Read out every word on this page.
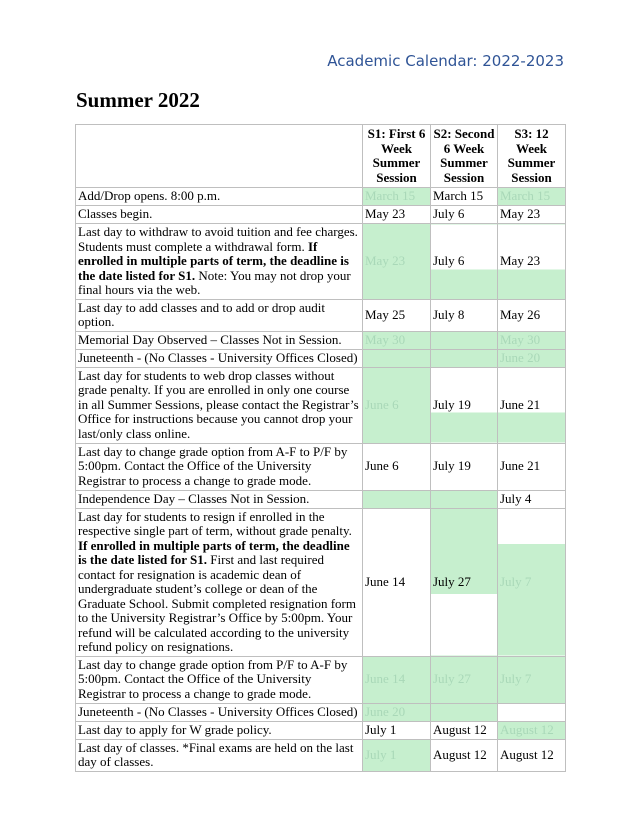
Academic Calendar: 2022-2023
Summer 2022
	S1: First 6 Week Summer Session	S2: Second 6 Week Summer Session	S3: 12 Week Summer Session
Add/Drop opens. 8:00 p.m.	March 15	March 15	March 15
Classes begin.	May 23	July 6	May 23
Last day to withdraw to avoid tuition and fee charges. Students must complete a withdrawal form. If enrolled in multiple parts of term, the deadline is the date listed for S1. Note: You may not drop your final hours via the web.	May 23	July 6	May 23
Last day to add classes and to add or drop audit option.	May 25	July 8	May 26
Memorial Day Observed – Classes Not in Session.	May 30		May 30
Juneteenth - (No Classes - University Offices Closed)			June 20
Last day for students to web drop classes without grade penalty. If you are enrolled in only one course in all Summer Sessions, please contact the Registrar’s Office for instructions because you cannot drop your last/only class online.	June 6	July 19	June 21
Last day to change grade option from A-F to P/F by 5:00pm. Contact the Office of the University Registrar to process a change to grade mode.	June 6	July 19	June 21
Independence Day – Classes Not in Session.			July 4
Last day for students to resign if enrolled in the respective single part of term, without grade penalty. If enrolled in multiple parts of term, the deadline is the date listed for S1. First and last required contact for resignation is academic dean of undergraduate student’s college or dean of the Graduate School. Submit completed resignation form to the University Registrar’s Office by 5:00pm. Your refund will be calculated according to the university refund policy on resignations.	June 14	July 27	July 7
Last day to change grade option from P/F to A-F by 5:00pm. Contact the Office of the University Registrar to process a change to grade mode.	June 14	July 27	July 7
Juneteenth - (No Classes - University Offices Closed)	June 20		
Last day to apply for W grade policy.	July 1	August 12	August 12
Last day of classes. *Final exams are held on the last day of classes.	July 1	August 12	August 12
